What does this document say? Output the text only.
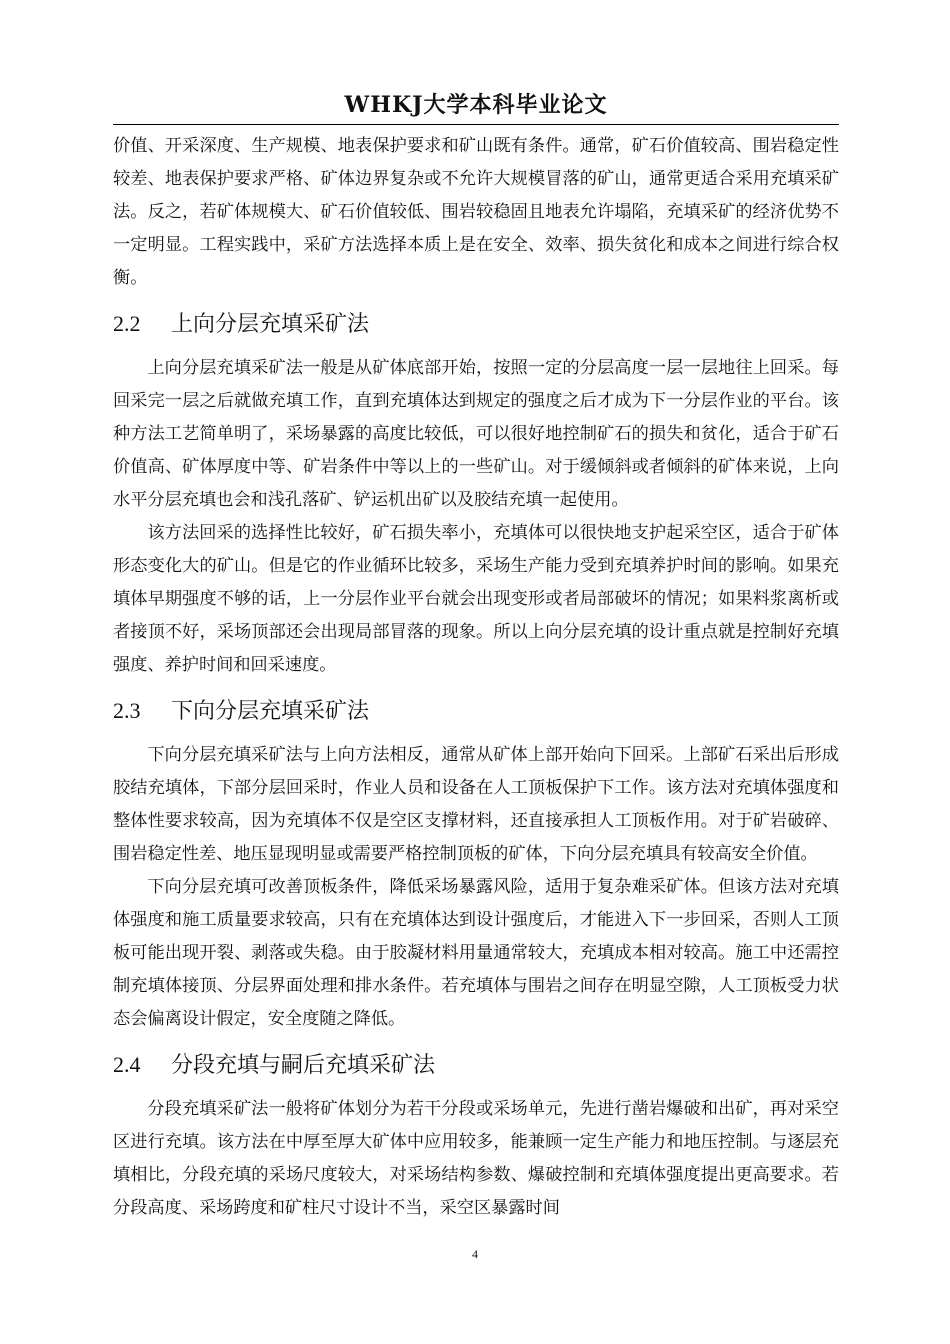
WHKJ大学本科毕业论文

价值、开采深度、生产规模、地表保护要求和矿山既有条件。通常，矿石价值较高、围岩稳定性较差、地表保护要求严格、矿体边界复杂或不允许大规模冒落的矿山，通常更适合采用充填采矿法。反之，若矿体规模大、矿石价值较低、围岩较稳固且地表允许塌陷，充填采矿的经济优势不一定明显。工程实践中，采矿方法选择本质上是在安全、效率、损失贫化和成本之间进行综合权衡。

2.2 上向分层充填采矿法

上向分层充填采矿法一般是从矿体底部开始，按照一定的分层高度一层一层地往上回采。每回采完一层之后就做充填工作，直到充填体达到规定的强度之后才成为下一分层作业的平台。该种方法工艺简单明了，采场暴露的高度比较低，可以很好地控制矿石的损失和贫化，适合于矿石价值高、矿体厚度中等、矿岩条件中等以上的一些矿山。对于缓倾斜或者倾斜的矿体来说，上向水平分层充填也会和浅孔落矿、铲运机出矿以及胶结充填一起使用。

该方法回采的选择性比较好，矿石损失率小，充填体可以很快地支护起采空区，适合于矿体形态变化大的矿山。但是它的作业循环比较多，采场生产能力受到充填养护时间的影响。如果充填体早期强度不够的话，上一分层作业平台就会出现变形或者局部破坏的情况；如果料浆离析或者接顶不好，采场顶部还会出现局部冒落的现象。所以上向分层充填的设计重点就是控制好充填强度、养护时间和回采速度。

2.3 下向分层充填采矿法

下向分层充填采矿法与上向方法相反，通常从矿体上部开始向下回采。上部矿石采出后形成胶结充填体，下部分层回采时，作业人员和设备在人工顶板保护下工作。该方法对充填体强度和整体性要求较高，因为充填体不仅是空区支撑材料，还直接承担人工顶板作用。对于矿岩破碎、围岩稳定性差、地压显现明显或需要严格控制顶板的矿体，下向分层充填具有较高安全价值。

下向分层充填可改善顶板条件，降低采场暴露风险，适用于复杂难采矿体。但该方法对充填体强度和施工质量要求较高，只有在充填体达到设计强度后，才能进入下一步回采，否则人工顶板可能出现开裂、剥落或失稳。由于胶凝材料用量通常较大，充填成本相对较高。施工中还需控制充填体接顶、分层界面处理和排水条件。若充填体与围岩之间存在明显空隙，人工顶板受力状态会偏离设计假定，安全度随之降低。

2.4 分段充填与嗣后充填采矿法

分段充填采矿法一般将矿体划分为若干分段或采场单元，先进行凿岩爆破和出矿，再对采空区进行充填。该方法在中厚至厚大矿体中应用较多，能兼顾一定生产能力和地压控制。与逐层充填相比，分段充填的采场尺度较大，对采场结构参数、爆破控制和充填体强度提出更高要求。若分段高度、采场跨度和矿柱尺寸设计不当，采空区暴露时间

4
